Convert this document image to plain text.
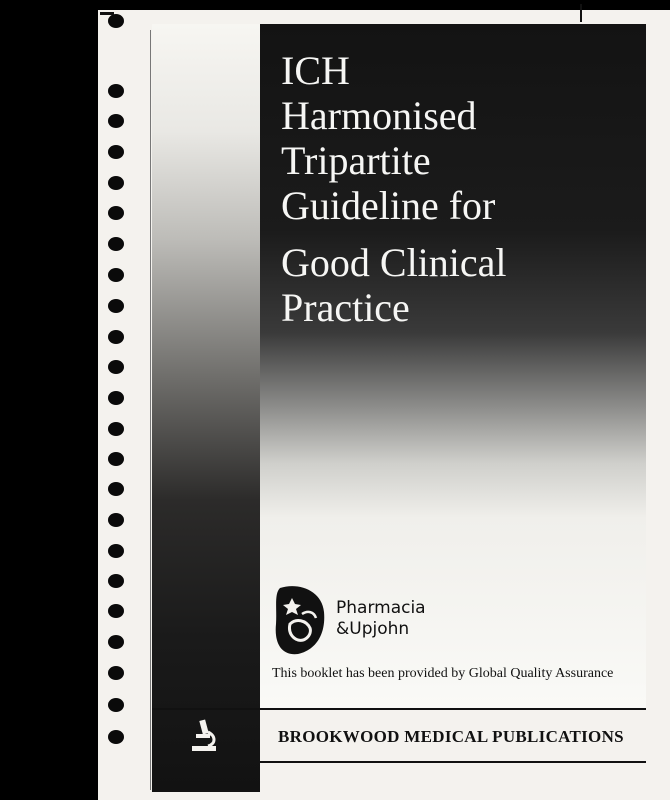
ICH
Harmonised
Tripartite
Guideline for
Good Clinical
Practice
Pharmacia
&Upjohn
This booklet has been provided by Global Quality Assurance
BROOKWOOD MEDICAL PUBLICATIONS
